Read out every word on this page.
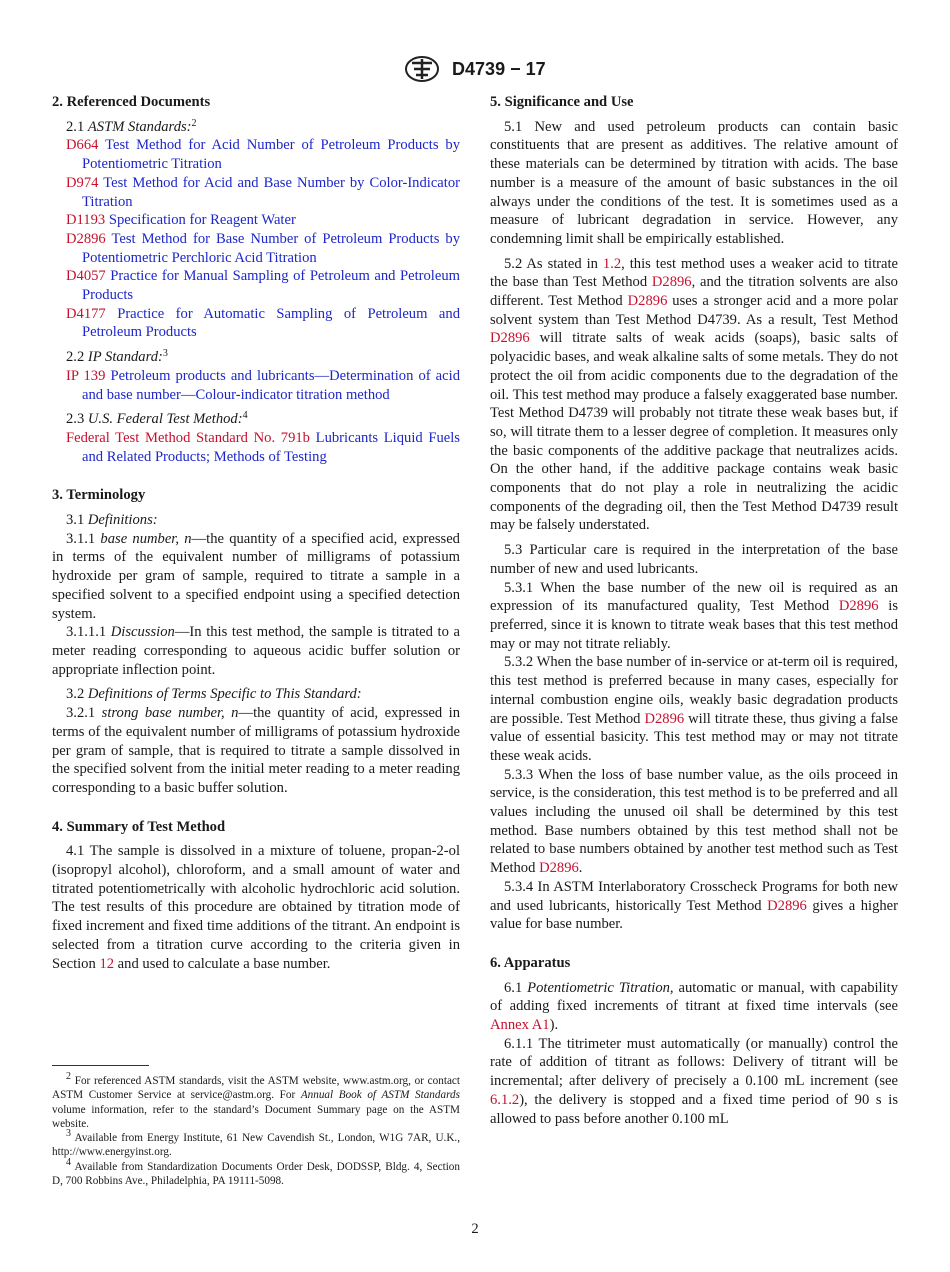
D4739 − 17

2. Referenced Documents

2.1 ASTM Standards:$^2$

D664 Test Method for Acid Number of Petroleum Products by Potentiometric Titration

D974 Test Method for Acid and Base Number by Color-Indicator Titration

D1193 Specification for Reagent Water

D2896 Test Method for Base Number of Petroleum Products by Potentiometric Perchloric Acid Titration

D4057 Practice for Manual Sampling of Petroleum and Petroleum Products

D4177 Practice for Automatic Sampling of Petroleum and Petroleum Products

2.2 IP Standard:$^3$

IP 139 Petroleum products and lubricants—Determination of acid and base number—Colour-indicator titration method

2.3 U.S. Federal Test Method:$^4$

Federal Test Method Standard No. 791b Lubricants Liquid Fuels and Related Products; Methods of Testing

3. Terminology

3.1 Definitions:

3.1.1 base number, n—the quantity of a specified acid, expressed in terms of the equivalent number of milligrams of potassium hydroxide per gram of sample, required to titrate a sample in a specified solvent to a specified endpoint using a specified detection system.

3.1.1.1 Discussion—In this test method, the sample is titrated to a meter reading corresponding to aqueous acidic buffer solution or appropriate inflection point.

3.2 Definitions of Terms Specific to This Standard:

3.2.1 strong base number, n—the quantity of acid, expressed in terms of the equivalent number of milligrams of potassium hydroxide per gram of sample, that is required to titrate a sample dissolved in the specified solvent from the initial meter reading to a meter reading corresponding to a basic buffer solution.

4. Summary of Test Method

4.1 The sample is dissolved in a mixture of toluene, propan-2-ol (isopropyl alcohol), chloroform, and a small amount of water and titrated potentiometrically with alcoholic hydrochloric acid solution. The test results of this procedure are obtained by titration mode of fixed increment and fixed time additions of the titrant. An endpoint is selected from a titration curve according to the criteria given in Section 12 and used to calculate a base number.

5. Significance and Use

5.1 New and used petroleum products can contain basic constituents that are present as additives. The relative amount of these materials can be determined by titration with acids. The base number is a measure of the amount of basic substances in the oil always under the conditions of the test. It is sometimes used as a measure of lubricant degradation in service. However, any condemning limit shall be empirically established.

5.2 As stated in 1.2, this test method uses a weaker acid to titrate the base than Test Method D2896, and the titration solvents are also different. Test Method D2896 uses a stronger acid and a more polar solvent system than Test Method D4739. As a result, Test Method D2896 will titrate salts of weak acids (soaps), basic salts of polyacidic bases, and weak alkaline salts of some metals. They do not protect the oil from acidic components due to the degradation of the oil. This test method may produce a falsely exaggerated base number. Test Method D4739 will probably not titrate these weak bases but, if so, will titrate them to a lesser degree of completion. It measures only the basic components of the additive package that neutralizes acids. On the other hand, if the additive package contains weak basic components that do not play a role in neutralizing the acidic components of the degrading oil, then the Test Method D4739 result may be falsely understated.

5.3 Particular care is required in the interpretation of the base number of new and used lubricants.

5.3.1 When the base number of the new oil is required as an expression of its manufactured quality, Test Method D2896 is preferred, since it is known to titrate weak bases that this test method may or may not titrate reliably.

5.3.2 When the base number of in-service or at-term oil is required, this test method is preferred because in many cases, especially for internal combustion engine oils, weakly basic degradation products are possible. Test Method D2896 will titrate these, thus giving a false value of essential basicity. This test method may or may not titrate these weak acids.

5.3.3 When the loss of base number value, as the oils proceed in service, is the consideration, this test method is to be preferred and all values including the unused oil shall be determined by this test method. Base numbers obtained by this test method shall not be related to base numbers obtained by another test method such as Test Method D2896.

5.3.4 In ASTM Interlaboratory Crosscheck Programs for both new and used lubricants, historically Test Method D2896 gives a higher value for base number.

6. Apparatus

6.1 Potentiometric Titration, automatic or manual, with capability of adding fixed increments of titrant at fixed time intervals (see Annex A1).

6.1.1 The titrimeter must automatically (or manually) control the rate of addition of titrant as follows: Delivery of titrant will be incremental; after delivery of precisely a 0.100 mL increment (see 6.1.2), the delivery is stopped and a fixed time period of 90 s is allowed to pass before another 0.100 mL

2 For referenced ASTM standards, visit the ASTM website, www.astm.org, or contact ASTM Customer Service at service@astm.org. For Annual Book of ASTM Standards volume information, refer to the standard’s Document Summary page on the ASTM website.

3 Available from Energy Institute, 61 New Cavendish St., London, W1G 7AR, U.K., http://www.energyinst.org.

4 Available from Standardization Documents Order Desk, DODSSP, Bldg. 4, Section D, 700 Robbins Ave., Philadelphia, PA 19111-5098.

2
